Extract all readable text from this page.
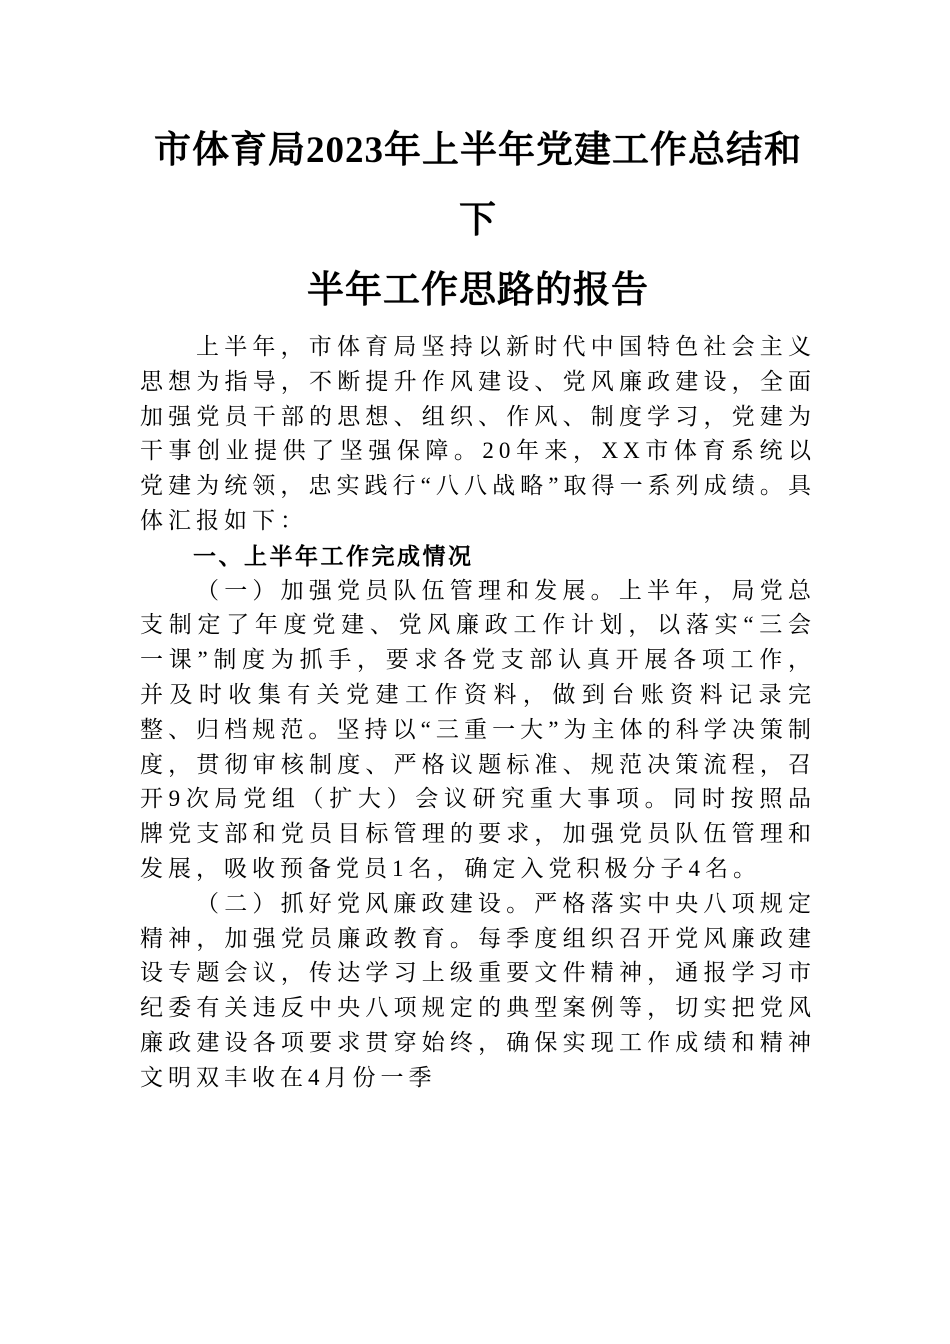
市体育局2023年上半年党建工作总结和下
半年工作思路的报告

上半年，市体育局坚持以新时代中国特色社会主义思想为指导，不断提升作风建设、党风廉政建设，全面加强党员干部的思想、组织、作风、制度学习，党建为干事创业提供了坚强保障。20年来，XX市体育系统以党建为统领，忠实践行“八八战略”取得一系列成绩。具体汇报如下：

一、上半年工作完成情况

（一）加强党员队伍管理和发展。上半年，局党总支制定了年度党建、党风廉政工作计划，以落实“三会一课”制度为抓手，要求各党支部认真开展各项工作，并及时收集有关党建工作资料，做到台账资料记录完整、归档规范。坚持以“三重一大”为主体的科学决策制度，贯彻审核制度、严格议题标准、规范决策流程，召开9次局党组（扩大）会议研究重大事项。同时按照品牌党支部和党员目标管理的要求，加强党员队伍管理和发展，吸收预备党员1名，确定入党积极分子4名。

（二）抓好党风廉政建设。严格落实中央八项规定精神，加强党员廉政教育。每季度组织召开党风廉政建设专题会议，传达学习上级重要文件精神，通报学习市纪委有关违反中央八项规定的典型案例等，切实把党风廉政建设各项要求贯穿始终，确保实现工作成绩和精神文明双丰收在4月份一季
